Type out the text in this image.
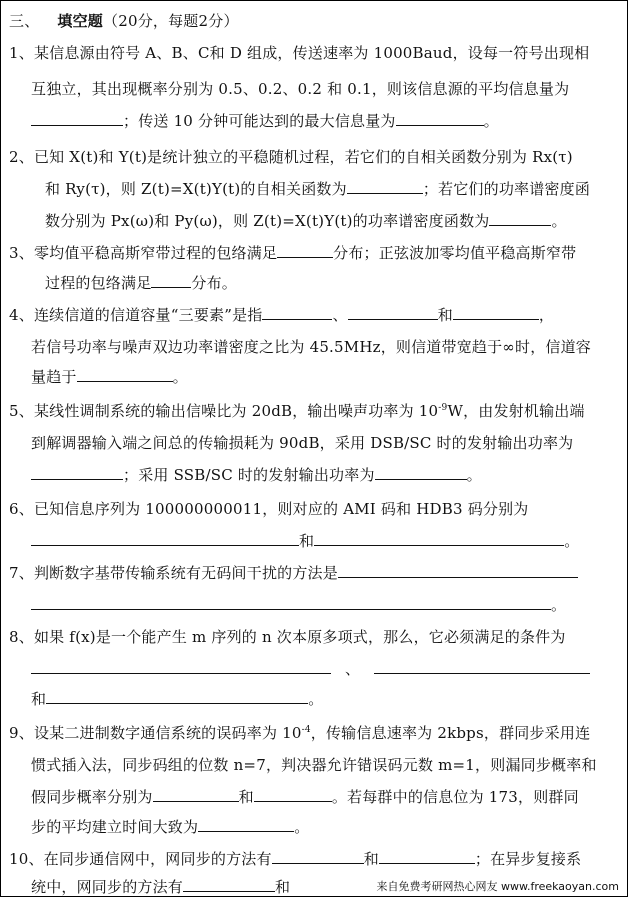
三、 填空题（20分，每题2分）
1、某信息源由符号 A、B、C和 D 组成，传送速率为 1000Baud，设每一符号出现相
互独立，其出现概率分别为 0.5、0.2、0.2 和 0.1，则该信息源的平均信息量为
；传送 10 分钟可能达到的最大信息量为	。
2、已知 X(t)和 Y(t)是统计独立的平稳随机过程，若它们的自相关函数分别为 Rx(τ)
和 Ry(τ)，则 Z(t)=X(t)Y(t)的自相关函数为	；若它们的功率谱密度函
数分别为 Px(ω)和 Py(ω)，则 Z(t)=X(t)Y(t)的功率谱密度函数为	。
3、零均值平稳高斯窄带过程的包络满足	分布；正弦波加零均值平稳高斯窄带
过程的包络满足	分布。
4、连续信道的信道容量“三要素”是指	、	和	，
若信号功率与噪声双边功率谱密度之比为 45.5MHz，则信道带宽趋于∞时，信道容
量趋于	。
5、某线性调制系统的输出信噪比为 20dB，输出噪声功率为 $10^{-9}W$，由发射机输出端
到解调器输入端之间总的传输损耗为 90dB，采用 DSB/SC 时的发射输出功率为
；采用 SSB/SC 时的发射输出功率为	。
6、已知信息序列为 100000000011，则对应的 AMI 码和 HDB3 码分别为
和	。
7、判断数字基带传输系统有无码间干扰的方法是
。
8、如果 f(x)是一个能产生 m 序列的 n 次本原多项式，那么，它必须满足的条件为
、
和	。
9、设某二进制数字通信系统的误码率为 $10^{-4}$，传输信息速率为 2kbps，群同步采用连
惯式插入法，同步码组的位数 n=7，判决器允许错误码元数 m=1，则漏同步概率和
假同步概率分别为	和	。若每群中的信息位为 173，则群同
步的平均建立时间大致为	。
10、在同步通信网中，网同步的方法有	和	；在异步复接系
统中，网同步的方法有	和	来自免费考研网热心网友 www.freekaoyan.com
